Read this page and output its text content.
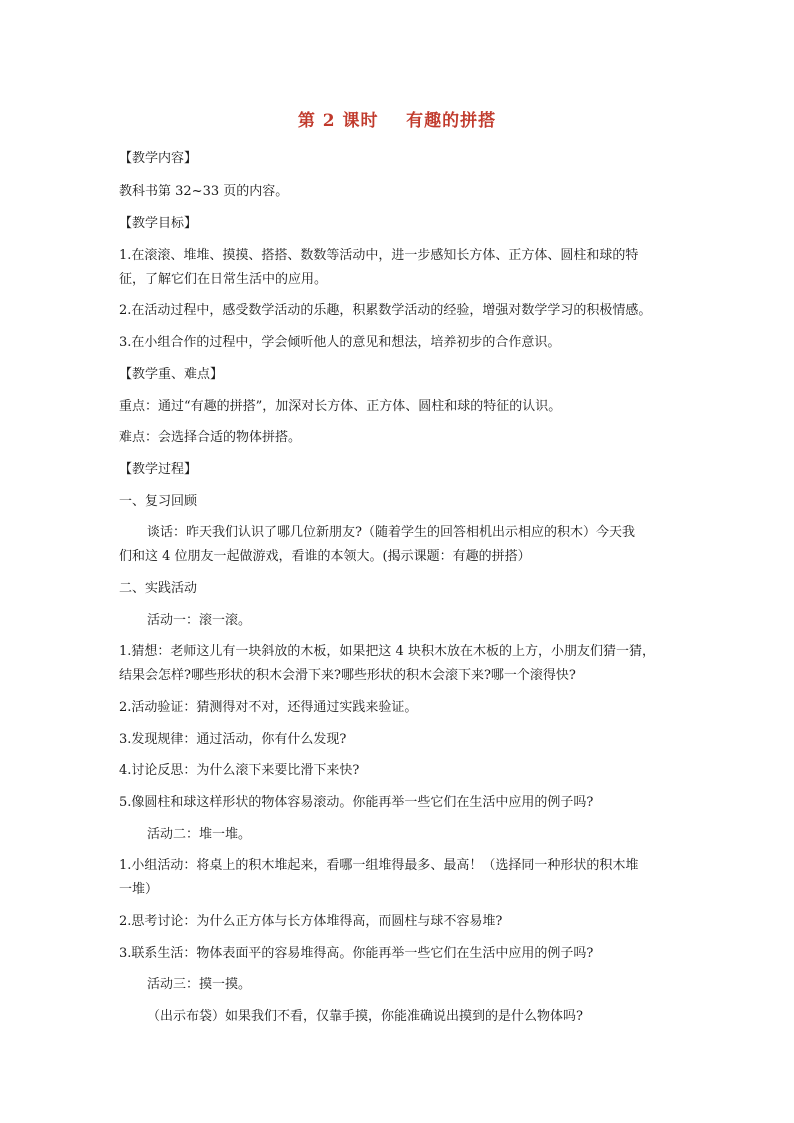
第 2 课时    有趣的拼搭
【教学内容】
教科书第 32~33 页的内容。
【教学目标】
1.在滚滚、堆堆、摸摸、搭搭、数数等活动中，进一步感知长方体、正方体、圆柱和球的特
征，了解它们在日常生活中的应用。
2.在活动过程中，感受数学活动的乐趣，积累数学活动的经验，增强对数学学习的积极情感。
3.在小组合作的过程中，学会倾听他人的意见和想法，培养初步的合作意识。
【教学重、难点】
重点：通过“有趣的拼搭”，加深对长方体、正方体、圆柱和球的特征的认识。
难点：会选择合适的物体拼搭。
【教学过程】
一、复习回顾
谈话：昨天我们认识了哪几位新朋友?（随着学生的回答相机出示相应的积木）今天我
们和这 4 位朋友一起做游戏，看谁的本领大。(揭示课题：有趣的拼搭）
二、实践活动
活动一：滚一滚。
1.猜想：老师这儿有一块斜放的木板，如果把这 4 块积木放在木板的上方，小朋友们猜一猜，
结果会怎样?哪些形状的积木会滑下来?哪些形状的积木会滚下来?哪一个滚得快?
2.活动验证：猜测得对不对，还得通过实践来验证。
3.发现规律：通过活动，你有什么发现?
4.讨论反思：为什么滚下来要比滑下来快?
5.像圆柱和球这样形状的物体容易滚动。你能再举一些它们在生活中应用的例子吗?
活动二：堆一堆。
1.小组活动：将桌上的积木堆起来，看哪一组堆得最多、最高！（选择同一种形状的积木堆
一堆）
2.思考讨论：为什么正方体与长方体堆得高，而圆柱与球不容易堆?
3.联系生活：物体表面平的容易堆得高。你能再举一些它们在生活中应用的例子吗?
活动三：摸一摸。
（出示布袋）如果我们不看，仅靠手摸，你能准确说出摸到的是什么物体吗?
